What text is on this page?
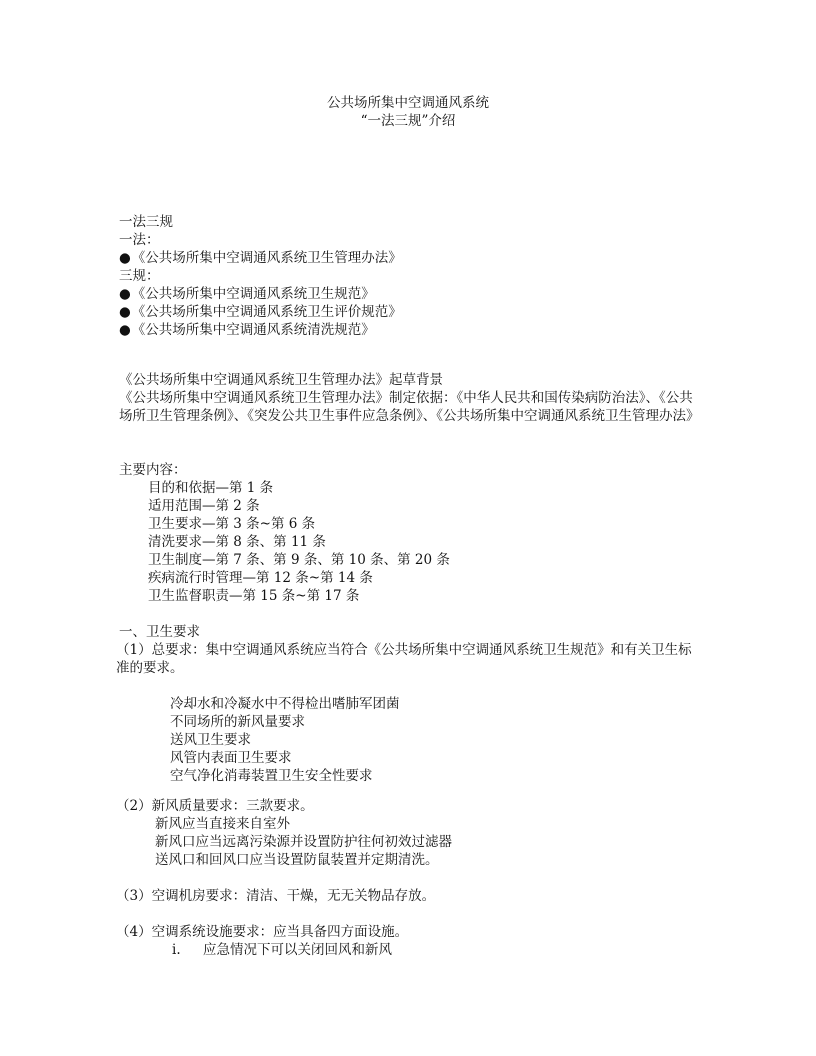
公共场所集中空调通风系统
“一法三规”介绍
一法三规
一法：
● 《公共场所集中空调通风系统卫生管理办法》
三规：
● 《公共场所集中空调通风系统卫生规范》
● 《公共场所集中空调通风系统卫生评价规范》
● 《公共场所集中空调通风系统清洗规范》
《公共场所集中空调通风系统卫生管理办法》起草背景
《公共场所集中空调通风系统卫生管理办法》制定依据：《中华人民共和国传染病防治法》、《公共场所卫生管理条例》、《突发公共卫生事件应急条例》、《公共场所集中空调通风系统卫生管理办法》
主要内容：
目的和依据—第 1 条
适用范围—第 2 条
卫生要求—第 3 条~第 6 条
清洗要求—第 8 条、第 11 条
卫生制度—第 7 条、第 9 条、第 10 条、第 20 条
疾病流行时管理—第 12 条~第 14 条
卫生监督职责—第 15 条~第 17 条
一、卫生要求
（1）总要求：集中空调通风系统应当符合《公共场所集中空调通风系统卫生规范》和有关卫生标准的要求。
冷却水和冷凝水中不得检出嗜肺军团菌
不同场所的新风量要求
送风卫生要求
风管内表面卫生要求
空气净化消毒装置卫生安全性要求
（2）新风质量要求：三款要求。
新风应当直接来自室外
新风口应当远离污染源并设置防护往何初效过滤器
送风口和回风口应当设置防鼠装置并定期清洗。
（3）空调机房要求：清洁、干燥，无无关物品存放。
（4）空调系统设施要求：应当具备四方面设施。
i. 应急情况下可以关闭回风和新风
